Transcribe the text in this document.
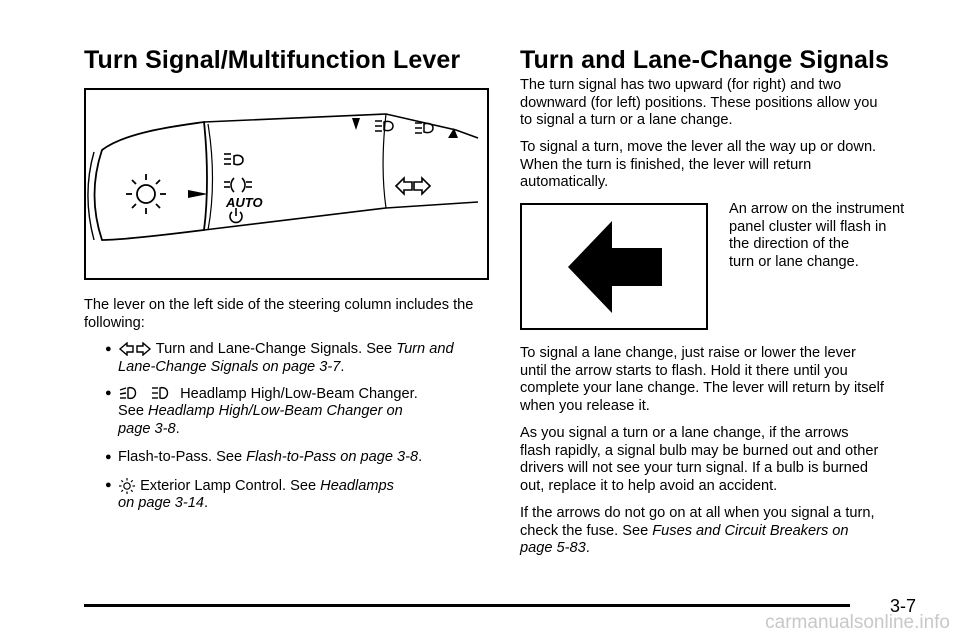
Turn Signal/Multifunction Lever
AUTO

The lever on the left side of the steering column includes the following:

●	Turn and Lane-Change Signals. See Turn and
Lane-Change Signals on page 3-7.
●	Headlamp High/Low-Beam Changer.
See Headlamp High/Low-Beam Changer on
page 3-8.
● Flash-to-Pass. See Flash-to-Pass on page 3-8.
● Exterior Lamp Control. See Headlamps
on page 3-14.
Turn and Lane-Change Signals

The turn signal has two upward (for right) and two
downward (for left) positions. These positions allow you
to signal a turn or a lane change.

To signal a turn, move the lever all the way up or down.
When the turn is finished, the lever will return
automatically.

An arrow on the instrument
panel cluster will flash in
the direction of the
turn or lane change.

To signal a lane change, just raise or lower the lever
until the arrow starts to flash. Hold it there until you
complete your lane change. The lever will return by itself
when you release it.

As you signal a turn or a lane change, if the arrows
flash rapidly, a signal bulb may be burned out and other
drivers will not see your turn signal. If a bulb is burned
out, replace it to help avoid an accident.

If the arrows do not go on at all when you signal a turn,
check the fuse. See Fuses and Circuit Breakers on
page 5-83.

3-7
carmanualsonline.info
